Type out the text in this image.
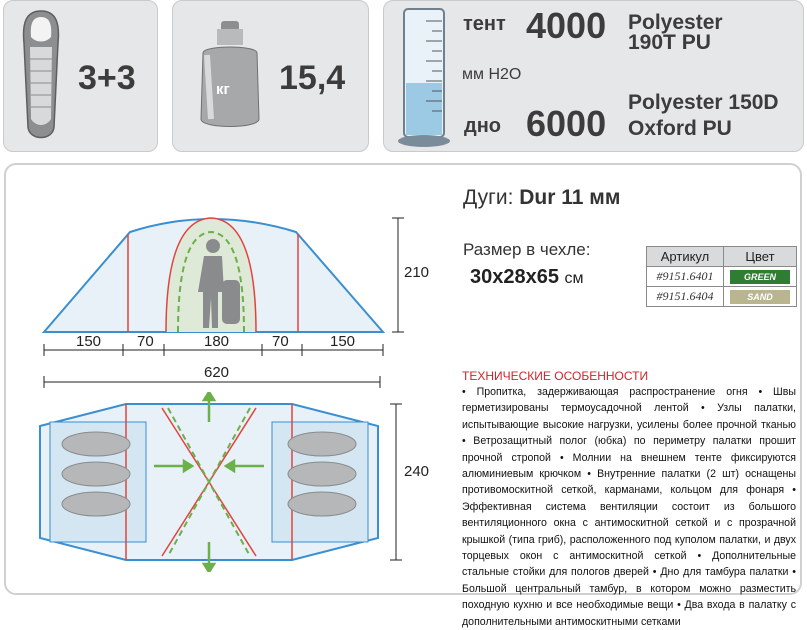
3+3	кг 15,4
тент 4000 Polyester
190T PU
мм H2O
дно 6000
Polyester 150D
Oxford PU
150 70	180	70	150
210
620
240
Дуги: Dur 11 мм
Размер в чехле:
30x28x65 см
Артикул	Цвет
#9151.6401	GREEN

#9151.6404	SAND
ТЕХНИЧЕСКИЕ ОСОБЕННОСТИ
• Пропитка, задерживающая распространение огня • Швы герметизированы термоусадочной лентой • Узлы палатки, испытывающие высокие нагрузки, усилены более прочной тканью • Ветрозащитный полог (юбка) по периметру палатки прошит прочной стропой • Молнии на внешнем тенте фиксируются алюминиевым крючком • Внутренние палатки (2 шт) оснащены противомоскитной сеткой, карманами, кольцом для фонаря • Эффективная система вентиляции состоит из большого вентиляционного окна с антимоскитной сеткой и с прозрачной крышкой (типа гриб), расположенного под куполом палатки, и двух торцевых окон с антимоскитной сеткой • Дополнительные стальные стойки для пологов дверей • Дно для тамбура палатки • Большой центральный тамбур, в котором можно разместить походную кухню и все необходимые вещи • Два входа в палатку с дополнительными антимоскитными сетками
